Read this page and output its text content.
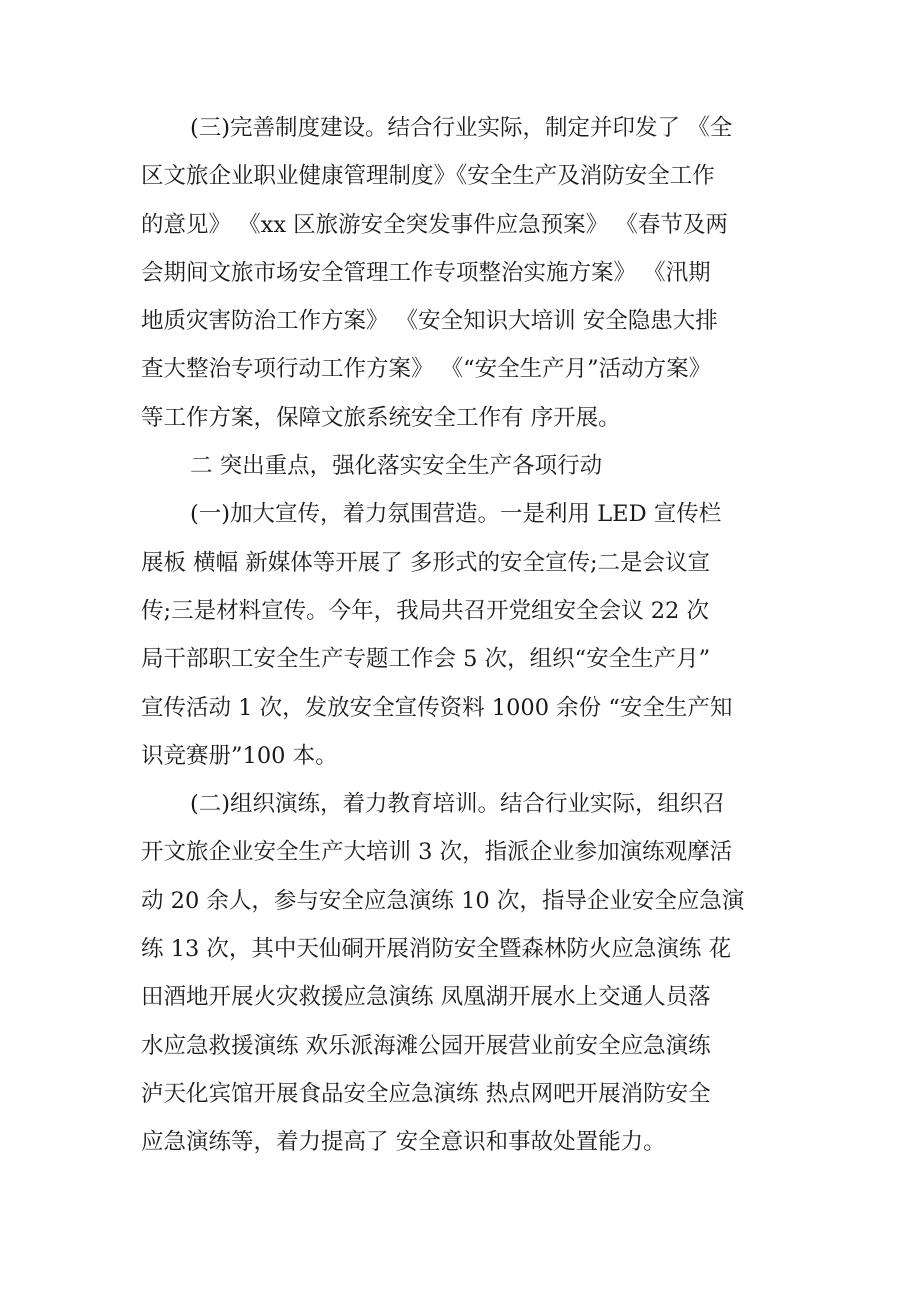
(三)完善制度建设。结合行业实际，制定并印发了 《全
区文旅企业职业健康管理制度》《安全生产及消防安全工作
的意见》 《xx 区旅游安全突发事件应急预案》 《春节及两
会期间文旅市场安全管理工作专项整治实施方案》 《汛期
地质灾害防治工作方案》 《安全知识大培训 安全隐患大排
查大整治专项行动工作方案》 《“安全生产月”活动方案》
等工作方案，保障文旅系统安全工作有 序开展。
二 突出重点，强化落实安全生产各项行动
(一)加大宣传，着力氛围营造。一是利用 LED 宣传栏
展板 横幅 新媒体等开展了 多形式的安全宣传;二是会议宣
传;三是材料宣传。今年，我局共召开党组安全会议 22 次
局干部职工安全生产专题工作会 5 次，组织“安全生产月”
宣传活动 1 次，发放安全宣传资料 1000 余份 “安全生产知
识竞赛册”100 本。
(二)组织演练，着力教育培训。结合行业实际，组织召
开文旅企业安全生产大培训 3 次，指派企业参加演练观摩活
动 20 余人，参与安全应急演练 10 次，指导企业安全应急演
练 13 次，其中天仙硐开展消防安全暨森林防火应急演练 花
田酒地开展火灾救援应急演练 凤凰湖开展水上交通人员落
水应急救援演练 欢乐派海滩公园开展营业前安全应急演练
泸天化宾馆开展食品安全应急演练 热点网吧开展消防安全
应急演练等，着力提高了 安全意识和事故处置能力。
